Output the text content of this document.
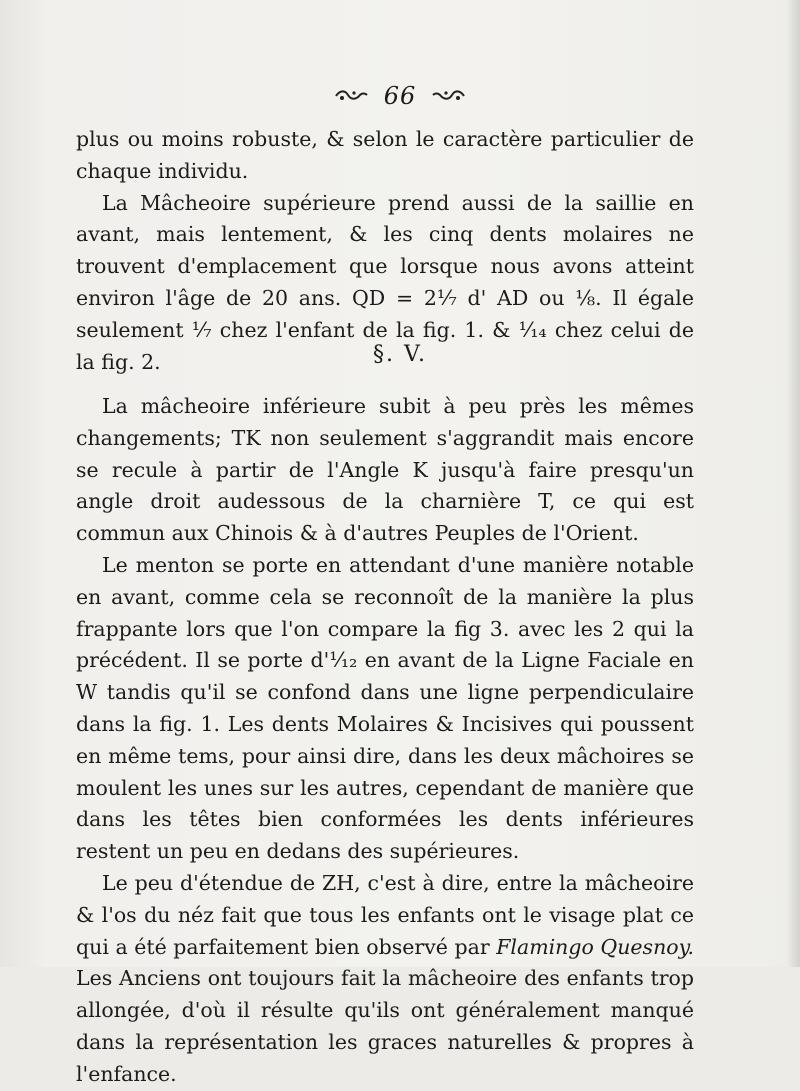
66

plus ou moins robuste, & selon le caractère particulier de chaque individu.

La Mâcheoire supérieure prend aussi de la saillie en avant, mais lentement, & les cinq dents molaires ne trouvent d'emplacement que lorsque nous avons atteint environ l'âge de 20 ans. QD = 2¹⁄₇ d' AD ou ⅛. Il égale seulement ¹⁄₇ chez l'enfant de la fig. 1. & ¹⁄₁₄ chez celui de la fig. 2.	§. V.

La mâcheoire inférieure subit à peu près les mêmes changements; TK non seulement s'aggrandit mais encore se recule à partir de l'Angle K jusqu'à faire presqu'un angle droit audessous de la charnière T, ce qui est commun aux Chinois & à d'autres Peuples de l'Orient.

Le menton se porte en attendant d'une manière notable en avant, comme cela se reconnoît de la manière la plus frappante lors que l'on compare la fig 3. avec les 2 qui la précédent. Il se porte d'¹⁄₁₂ en avant de la Ligne Faciale en W tandis qu'il se confond dans une ligne perpendiculaire dans la fig. 1. Les dents Molaires & Incisives qui poussent en même tems, pour ainsi dire, dans les deux mâchoires se moulent les unes sur les autres, cependant de manière que dans les têtes bien conformées les dents inférieures restent un peu en dedans des supérieures.

Le peu d'étendue de ZH, c'est à dire, entre la mâcheoire & l'os du néz fait que tous les enfants ont le visage plat ce qui a été parfaitement bien observé par Flamingo Quesnoy. Les Anciens ont toujours fait la mâcheoire des enfants trop allongée, d'où il résulte qu'ils ont généralement manqué dans la représentation les graces naturelles & propres à l'enfance.
